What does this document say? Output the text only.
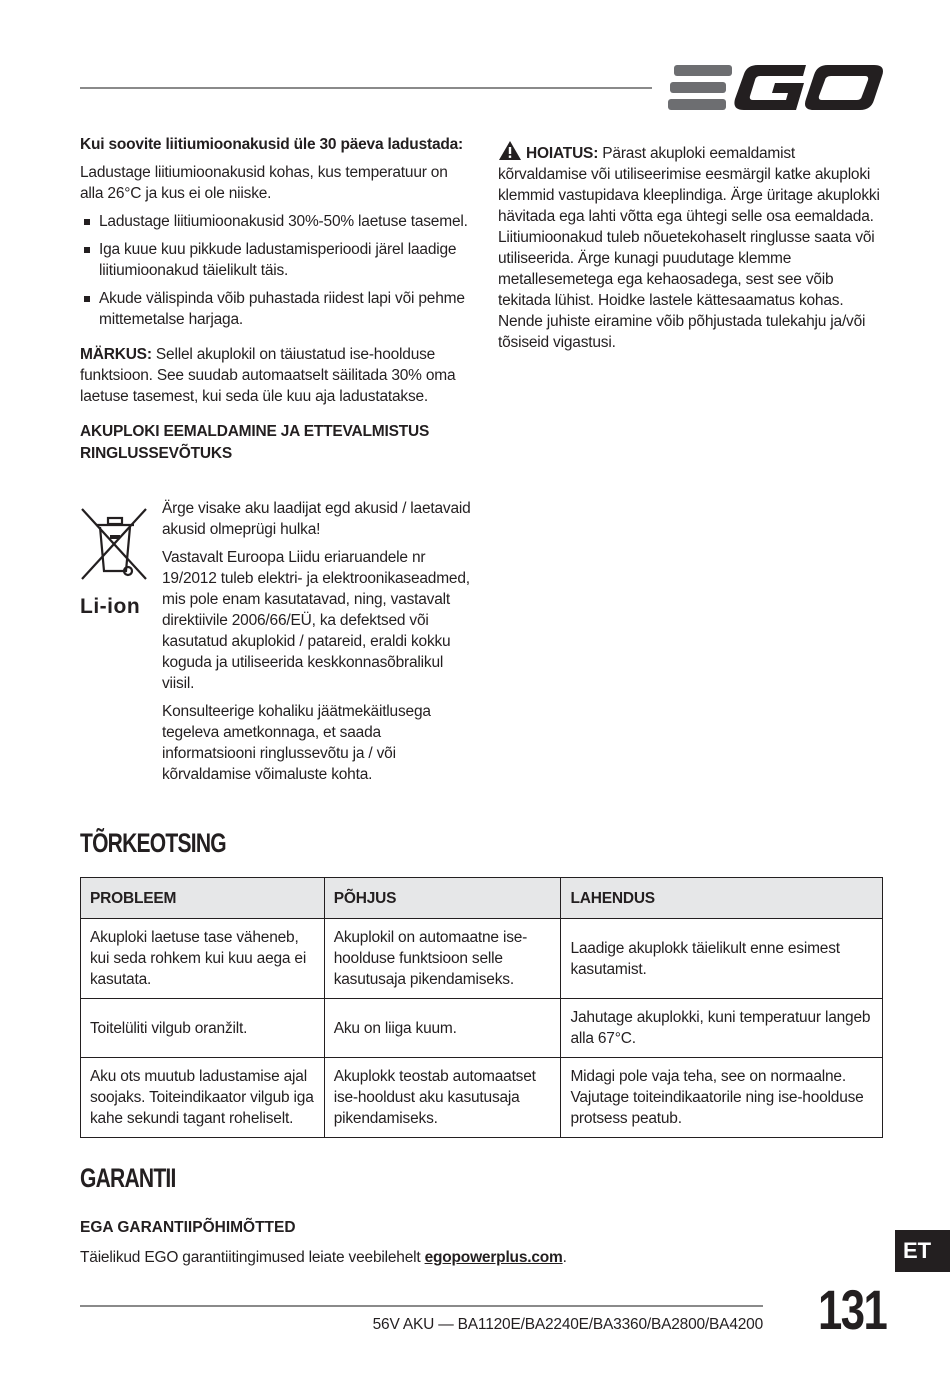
Kui soovite liitiumioonakusid üle 30 päeva ladustada:

Ladustage liitiumioonakusid kohas, kus temperatuur on alla 26°C ja kus ei ole niiske.

Ladustage liitiumioonakusid 30%-50% laetuse tasemel.

Iga kuue kuu pikkude ladustamisperioodi järel laadige liitiumioonakud täielikult täis.

Akude välispinda võib puhastada riidest lapi või pehme mittemetalse harjaga.

MÄRKUS: Sellel akuplokil on täiustatud ise-hoolduse funktsioon. See suudab automaatselt säilitada 30% oma laetuse tasemest, kui seda üle kuu aja ladustatakse.

AKUPLOKI EEMALDAMINE JA ETTEVALMISTUS RINGLUSSEVÕTUKS

Li-ion

Ärge visake aku laadijat egd akusid / laetavaid akusid olmeprügi hulka!

Vastavalt Euroopa Liidu eriaruandele nr 19/2012 tuleb elektri- ja elektroonikaseadmed, mis pole enam kasutatavad, ning, vastavalt direktiivile 2006/66/EÜ, ka defektsed või kasutatud akuplokid / patareid, eraldi kokku koguda ja utiliseerida keskkonnasõbralikul viisil.

Konsulteerige kohaliku jäätmekäitlusega tegeleva ametkonnaga, et saada informatsiooni ringlussevõtu ja / või kõrvaldamise võimaluste kohta.

HOIATUS: Pärast akuploki eemaldamist kõrvaldamise või utiliseerimise eesmärgil katke akuploki klemmid vastupidava kleeplindiga. Ärge üritage akuplokki hävitada ega lahti võtta ega ühtegi selle osa eemaldada. Liitiumioonakud tuleb nõuetekohaselt ringlusse saata või utiliseerida. Ärge kunagi puudutage klemme metallesemetega ega kehaosadega, sest see võib tekitada lühist. Hoidke lastele kättesaamatus kohas. Nende juhiste eiramine võib põhjustada tulekahju ja/või tõsiseid vigastusi.
TÕRKEOTSING
PROBLEEM	PÕHJUS	LAHENDUS
Akuploki laetuse tase väheneb, kui seda rohkem kui kuu aega ei kasutata.	Akuplokil on automaatne ise-hoolduse funktsioon selle kasutusaja pikendamiseks.	Laadige akuplokk täielikult enne esimest kasutamist.
Toitelüliti vilgub oranžilt.	Aku on liiga kuum.	Jahutage akuplokki, kuni temperatuur langeb alla 67°C.
Aku ots muutub ladustamise ajal soojaks. Toiteindikaator vilgub iga kahe sekundi tagant roheliselt.	Akuplokk teostab automaatset ise-hooldust aku kasutusaja pikendamiseks.	Midagi pole vaja teha, see on normaalne. Vajutage toiteindikaatorile ning ise-hoolduse protsess peatub.
GARANTII

EGA GARANTIIPÕHIMÕTTED

Täielikud EGO garantiitingimused leiate veebilehelt egopowerplus.com.	ET
131
56V AKU — BA1120E/BA2240E/BA3360/BA2800/BA4200
